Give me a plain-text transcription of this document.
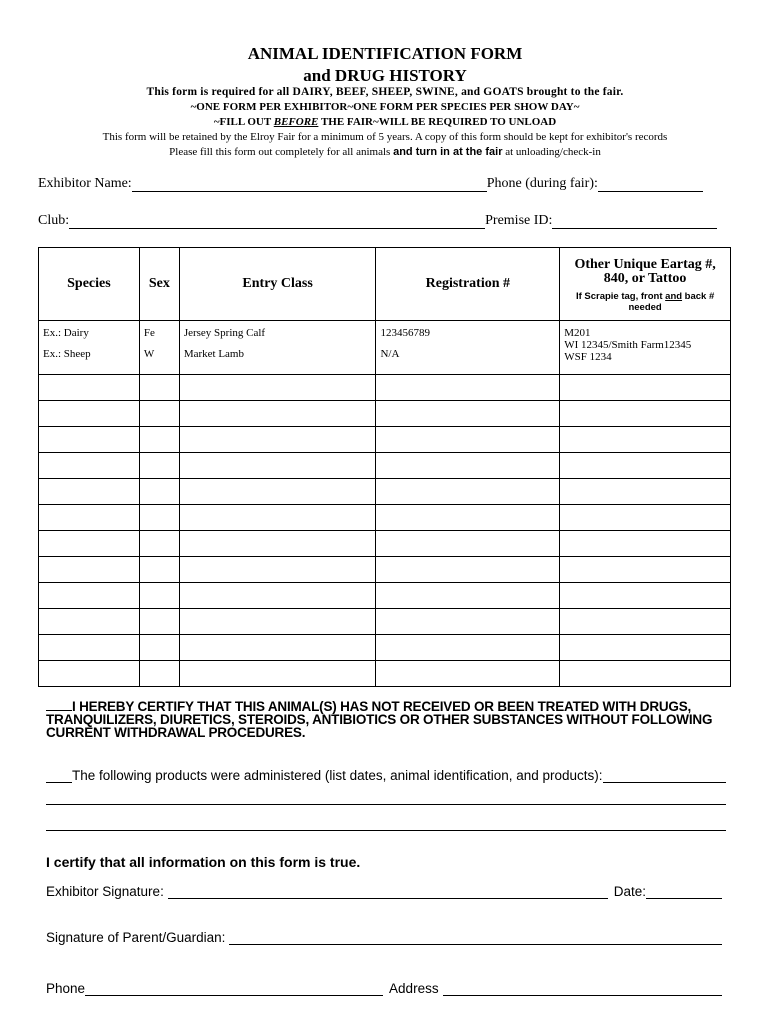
ANIMAL IDENTIFICATION FORM
and DRUG HISTORY
This form is required for all DAIRY, BEEF, SHEEP, SWINE, and GOATS brought to the fair.
~ONE FORM PER EXHIBITOR~ONE FORM PER SPECIES PER SHOW DAY~
~FILL OUT BEFORE THE FAIR~WILL BE REQUIRED TO UNLOAD
This form will be retained by the Elroy Fair for a minimum of 5 years. A copy of this form should be kept for exhibitor's records
Please fill this form out completely for all animals and turn in at the fair at unloading/check-in
Exhibitor Name:	Phone (during fair):
Club:	Premise ID:
Species	Sex	Entry Class	Registration #	Other Unique Eartag #, 840, or Tattoo
If Scrapie tag, front and back # needed

Ex.: Dairy	Fe	Jersey Spring Calf	123456789	M201
Ex.: Sheep	W	Market Lamb	N/A	WI 12345/Smith Farm12345
WSF 1234

I HEREBY CERTIFY THAT THIS ANIMAL(S) HAS NOT RECEIVED OR BEEN TREATED WITH DRUGS, TRANQUILIZERS, DIURETICS, STEROIDS, ANTIBIOTICS OR OTHER SUBSTANCES WITHOUT FOLLOWING CURRENT WITHDRAWAL PROCEDURES.
The following products were administered (list dates, animal identification, and products):
I certify that all information on this form is true.
Exhibitor Signature:	Date:
Signature of Parent/Guardian:
Phone	Address
